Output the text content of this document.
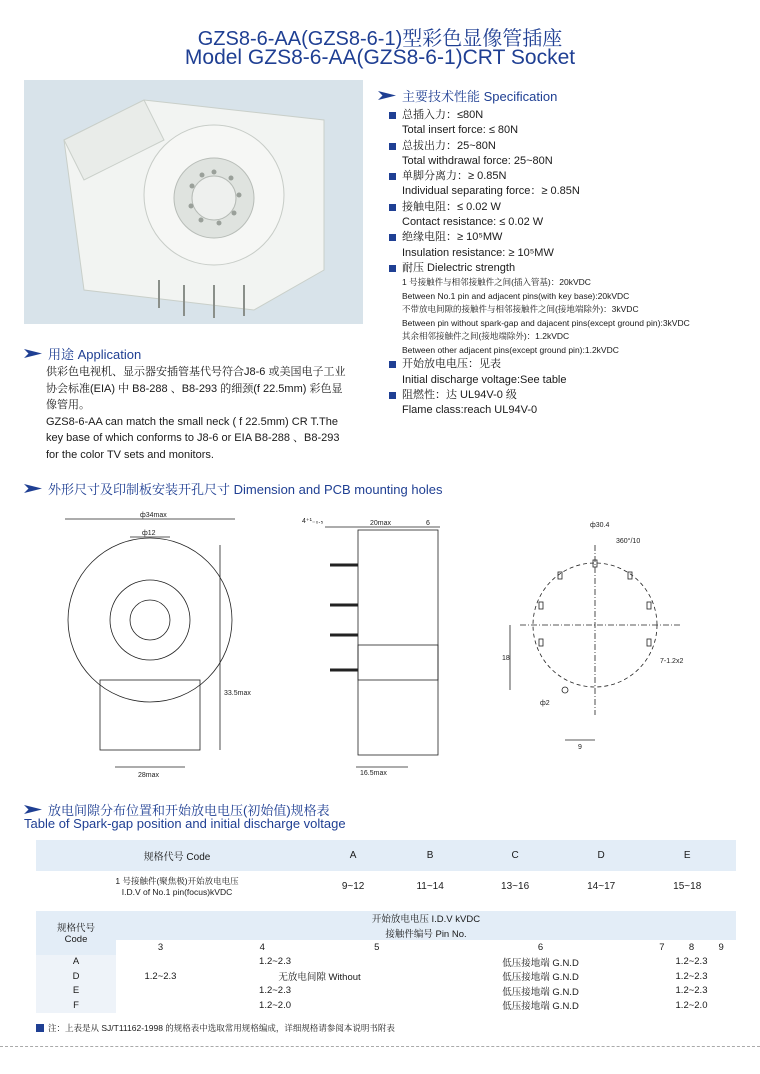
GZS8-6-AA(GZS8-6-1)型彩色显像管插座
Model GZS8-6-AA(GZS8-6-1)CRT Socket
主要技术性能 Specification
总插入力：≤80N
Total insert force: ≤ 80N
总拔出力：25~80N
Total withdrawal force: 25~80N
单脚分离力：≥ 0.85N
Individual separating force：≥ 0.85N
接触电阻：≤ 0.02 W
Contact resistance: ≤ 0.02 W
绝缘电阻：≥ 10⁵MW
Insulation resistance: ≥ 10⁵MW
耐压 Dielectric strength
1 号接触件与相邻接触件之间(插入管基)：20kVDC
Between No.1 pin and adjacent pins(with key base):20kVDC
不带放电间隙的接触件与相邻接触件之间(接地端除外)：3kVDC
Between pin without spark-gap and dajacent pins(except ground pin):3kVDC
其余相邻接触件之间(接地端除外)：1.2kVDC
Between other adjacent pins(except ground pin):1.2kVDC
开始放电电压：见表
Initial discharge voltage:See table
阻燃性：达 UL94V-0 级
Flame class:reach UL94V-0
用途 Application
供彩色电视机、显示器安插管基代号符合J8-6 或美国电子工业协会标准(EIA) 中 B8-288 、B8-293 的细颈(f 22.5mm) 彩色显像管用。
GZS8-6-AA can match the small neck ( f 22.5mm) CR T.The key base of which conforms to J8-6 or EIA B8-288 、B8-293 for the color TV sets and monitors.
外形尺寸及印制板安装开孔尺寸 Dimension and PCB mounting holes
ф34max
ф12
33.5max
28max
4⁺¹₋₀.₅	20max	6
16.5max
ф30.4
360°/10
7-1.2x2
18
ф2
9
放电间隙分布位置和开始放电电压(初始值)规格表
Table of Spark-gap position and initial discharge voltage
规格代号 Code	A	B	C	D	E	

1 号接触件(聚焦极)开始放电电压
I.D.V of No.1 pin(focus)kVDC	9~12	11~14	13~16	14~17	15~18	
规格代号
Code	开始放电电压 I.D.V kVDC						
	接触件编号 Pin No.						
	3	4	5	6	7	8	9
A	1.2~2.3			低压接地端 G.N.D	1.2~2.3		
D	1.2~2.3	无放电间隙 Without		低压接地端 G.N.D	1.2~2.3		
E	1.2~2.3			低压接地端 G.N.D	1.2~2.3		
F	1.2~2.0			低压接地端 G.N.D	1.2~2.0		
注：上表是从 SJ/T11162-1998 的规格表中选取常用规格编成，详细规格请参阅本说明书附表
